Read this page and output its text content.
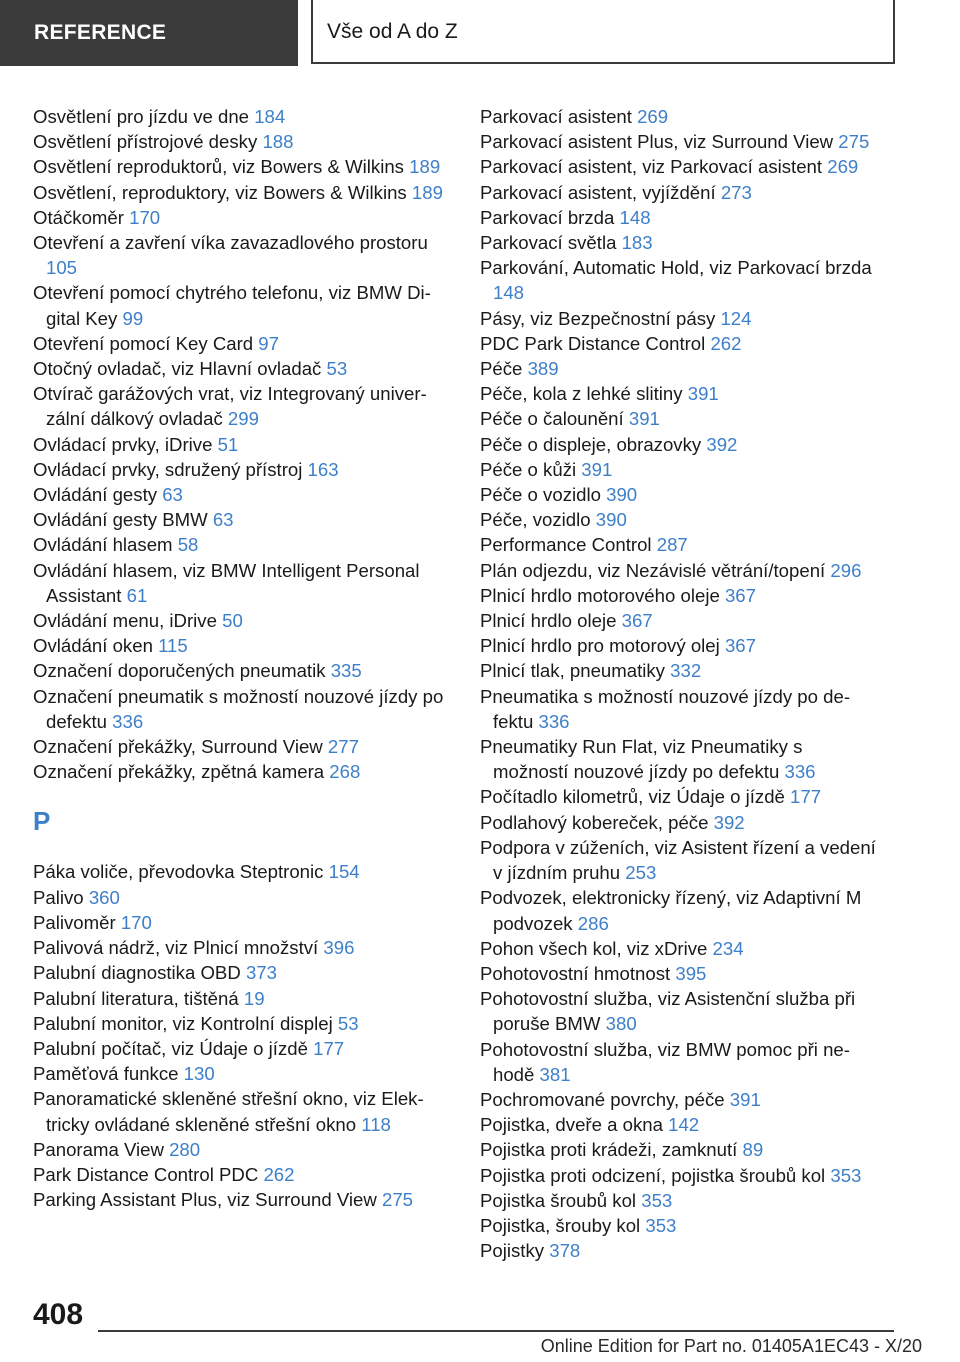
REFERENCE	Vše od A do Z
Osvětlení pro jízdu ve dne 184
Osvětlení přístrojové desky 188
Osvětlení reproduktorů, viz Bowers & Wilkins 189
Osvětlení, reproduktory, viz Bowers & Wilkins 189
Otáčkoměr 170
Otevření a zavření víka zavazadlového prostoru 105
Otevření pomocí chytrého telefonu, viz BMW Digital Key 99
Otevření pomocí Key Card 97
Otočný ovladač, viz Hlavní ovladač 53
Otvírač garážových vrat, viz Integrovaný univerzální dálkový ovladač 299
Ovládací prvky, iDrive 51
Ovládací prvky, sdružený přístroj 163
Ovládání gesty 63
Ovládání gesty BMW 63
Ovládání hlasem 58
Ovládání hlasem, viz BMW Intelligent Personal Assistant 61
Ovládání menu, iDrive 50
Ovládání oken 115
Označení doporučených pneumatik 335
Označení pneumatik s možností nouzové jízdy po defektu 336
Označení překážky, Surround View 277
Označení překážky, zpětná kamera 268
P
Páka voliče, převodovka Steptronic 154
Palivo 360
Palivoměr 170
Palivová nádrž, viz Plnicí množství 396
Palubní diagnostika OBD 373
Palubní literatura, tištěná 19
Palubní monitor, viz Kontrolní displej 53
Palubní počítač, viz Údaje o jízdě 177
Paměťová funkce 130
Panoramatické skleněné střešní okno, viz Elektricky ovládané skleněné střešní okno 118
Panorama View 280
Park Distance Control PDC 262
Parking Assistant Plus, viz Surround View 275
Parkovací asistent 269
Parkovací asistent Plus, viz Surround View 275
Parkovací asistent, viz Parkovací asistent 269
Parkovací asistent, vyjíždění 273
Parkovací brzda 148
Parkovací světla 183
Parkování, Automatic Hold, viz Parkovací brzda 148
Pásy, viz Bezpečnostní pásy 124
PDC Park Distance Control 262
Péče 389
Péče, kola z lehké slitiny 391
Péče o čalounění 391
Péče o displeje, obrazovky 392
Péče o kůži 391
Péče o vozidlo 390
Péče, vozidlo 390
Performance Control 287
Plán odjezdu, viz Nezávislé větrání/topení 296
Plnicí hrdlo motorového oleje 367
Plnicí hrdlo oleje 367
Plnicí hrdlo pro motorový olej 367
Plnicí tlak, pneumatiky 332
Pneumatika s možností nouzové jízdy po defektu 336
Pneumatiky Run Flat, viz Pneumatiky s možností nouzové jízdy po defektu 336
Počítadlo kilometrů, viz Údaje o jízdě 177
Podlahový kobereček, péče 392
Podpora v zúženích, viz Asistent řízení a vedení v jízdním pruhu 253
Podvozek, elektronicky řízený, viz Adaptivní M podvozek 286
Pohon všech kol, viz xDrive 234
Pohotovostní hmotnost 395
Pohotovostní služba, viz Asistenční služba při poruše BMW 380
Pohotovostní služba, viz BMW pomoc při nehodě 381
Pochromované povrchy, péče 391
Pojistka, dveře a okna 142
Pojistka proti krádeži, zamknutí 89
Pojistka proti odcizení, pojistka šroubů kol 353
Pojistka šroubů kol 353
Pojistka, šrouby kol 353
Pojistky 378
408
Online Edition for Part no. 01405A1EC43 - X/20
